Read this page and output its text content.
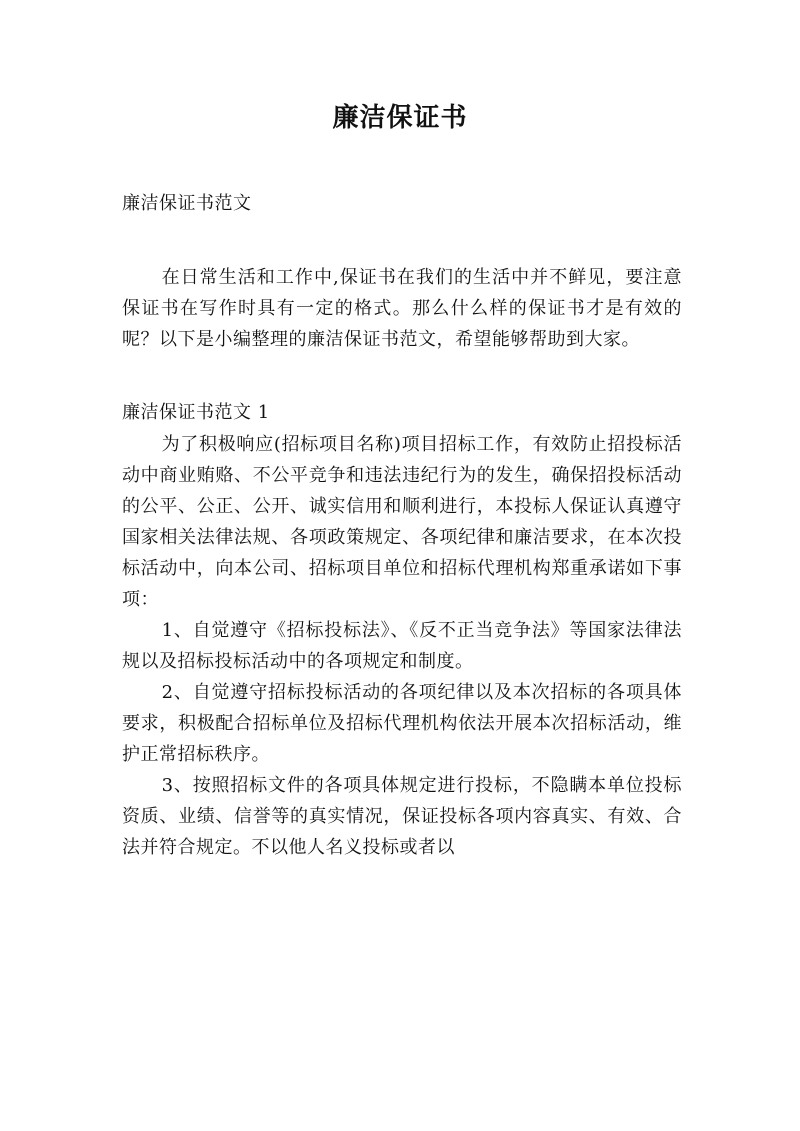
廉洁保证书

廉洁保证书范文

在日常生活和工作中,保证书在我们的生活中并不鲜见，要注意保证书在写作时具有一定的格式。那么什么样的保证书才是有效的呢？以下是小编整理的廉洁保证书范文，希望能够帮助到大家。

廉洁保证书范文 1

为了积极响应(招标项目名称)项目招标工作，有效防止招投标活动中商业贿赂、不公平竞争和违法违纪行为的发生，确保招投标活动的公平、公正、公开、诚实信用和顺利进行，本投标人保证认真遵守国家相关法律法规、各项政策规定、各项纪律和廉洁要求，在本次投标活动中，向本公司、招标项目单位和招标代理机构郑重承诺如下事项：

1、自觉遵守《招标投标法》、《反不正当竞争法》等国家法律法规以及招标投标活动中的各项规定和制度。

2、自觉遵守招标投标活动的各项纪律以及本次招标的各项具体要求，积极配合招标单位及招标代理机构依法开展本次招标活动，维护正常招标秩序。

3、按照招标文件的各项具体规定进行投标，不隐瞒本单位投标资质、业绩、信誉等的真实情况，保证投标各项内容真实、有效、合法并符合规定。不以他人名义投标或者以
